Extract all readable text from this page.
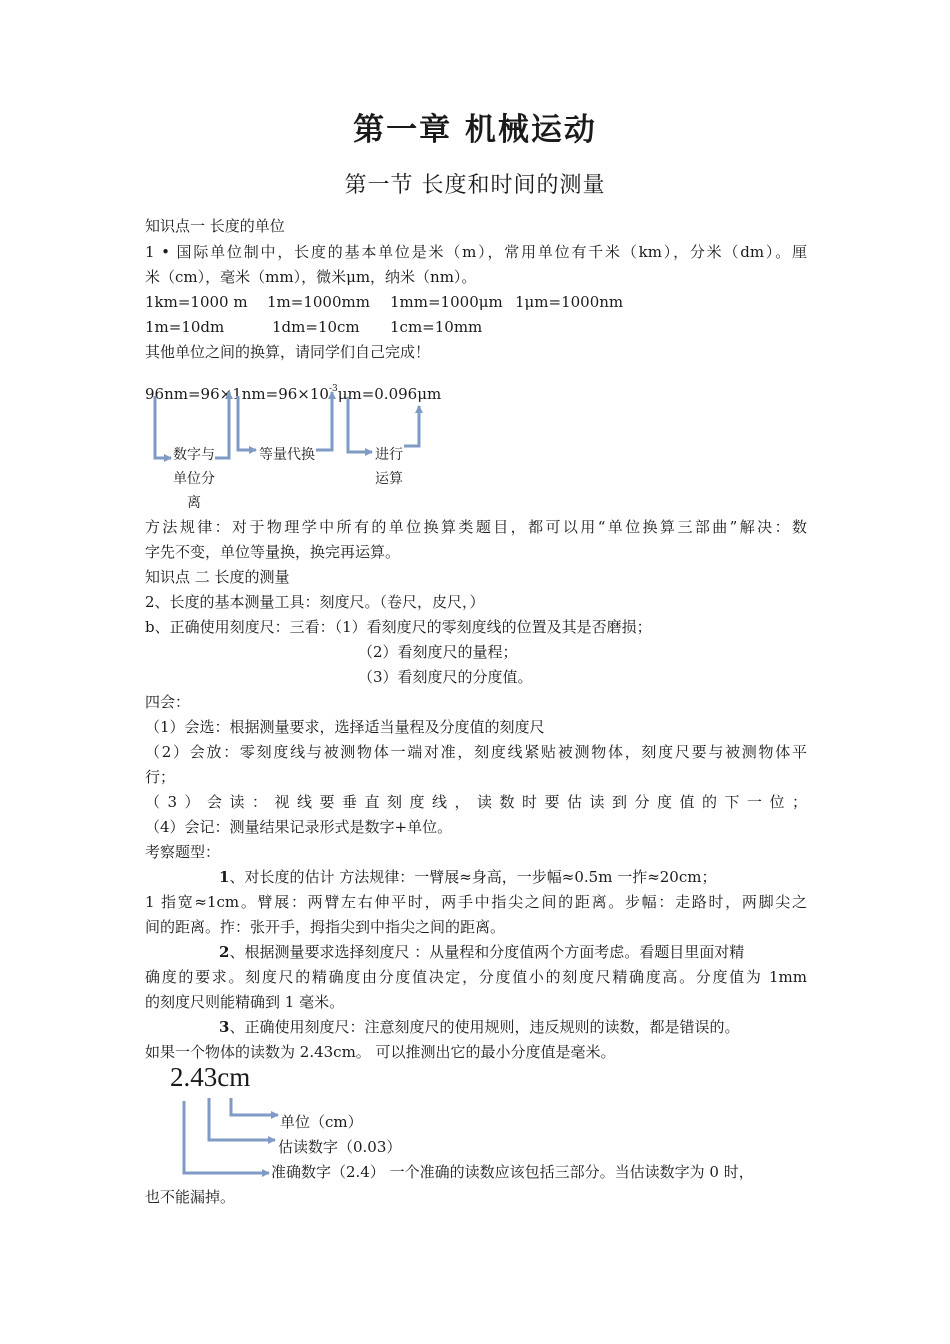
第一章 机械运动
第一节 长度和时间的测量
知识点一 长度的单位
1 • 国际单位制中，长度的基本单位是米（m），常用单位有千米（km），分米（dm）。厘
米（cm），毫米（mm），微米μm，纳米（nm）。
1km=1000 m 1m=1000mm 1mm=1000μm 1μm=1000nm
1m=10dm	1dm=10cm 1cm=10mm
其他单位之间的换算，请同学们自己完成！
$96nm=96\times 1nm=96\times 10^{-3}\mu m=0.096\mu m$
数字与
单位分
离
等量代换	进行
运算
方法规律：对于物理学中所有的单位换算类题目，都可以用“单位换算三部曲”解决：数
字先不变，单位等量换，换完再运算。
知识点 二 长度的测量
2、长度的基本测量工具：刻度尺。（卷尺，皮尺，）
b、正确使用刻度尺：三看：（1）看刻度尺的零刻度线的位置及其是否磨损；
（2）看刻度尺的量程；
（3）看刻度尺的分度值。
四会：
（1）会选：根据测量要求，选择适当量程及分度值的刻度尺
（2）会放：零刻度线与被测物体一端对准，刻度线紧贴被测物体，刻度尺要与被测物体平
行；
（3）会读：视线要垂直刻度线，读数时要估读到分度值的下一位；
（4）会记：测量结果记录形式是数字+单位。
考察题型：
1、对长度的估计 方法规律：一臂展≈身高，一步幅≈0.5m 一拃≈20cm；
1 指宽≈1cm。臂展：两臂左右伸平时，两手中指尖之间的距离。步幅：走路时，两脚尖之
间的距离。拃：张开手，拇指尖到中指尖之间的距离。
2、根据测量要求选择刻度尺 ：从量程和分度值两个方面考虑。看题目里面对精
确度的要求。刻度尺的精确度由分度值决定，分度值小的刻度尺精确度高。分度值为 1mm
的刻度尺则能精确到 1 毫米。
3、正确使用刻度尺：注意刻度尺的使用规则，违反规则的读数，都是错误的。
如果一个物体的读数为 2.43cm。 可以推测出它的最小分度值是毫米。
2.43cm
单位（cm）
估读数字（0.03）
准确数字（2.4） 一个准确的读数应该包括三部分。当估读数字为 0 时，
也不能漏掉。
